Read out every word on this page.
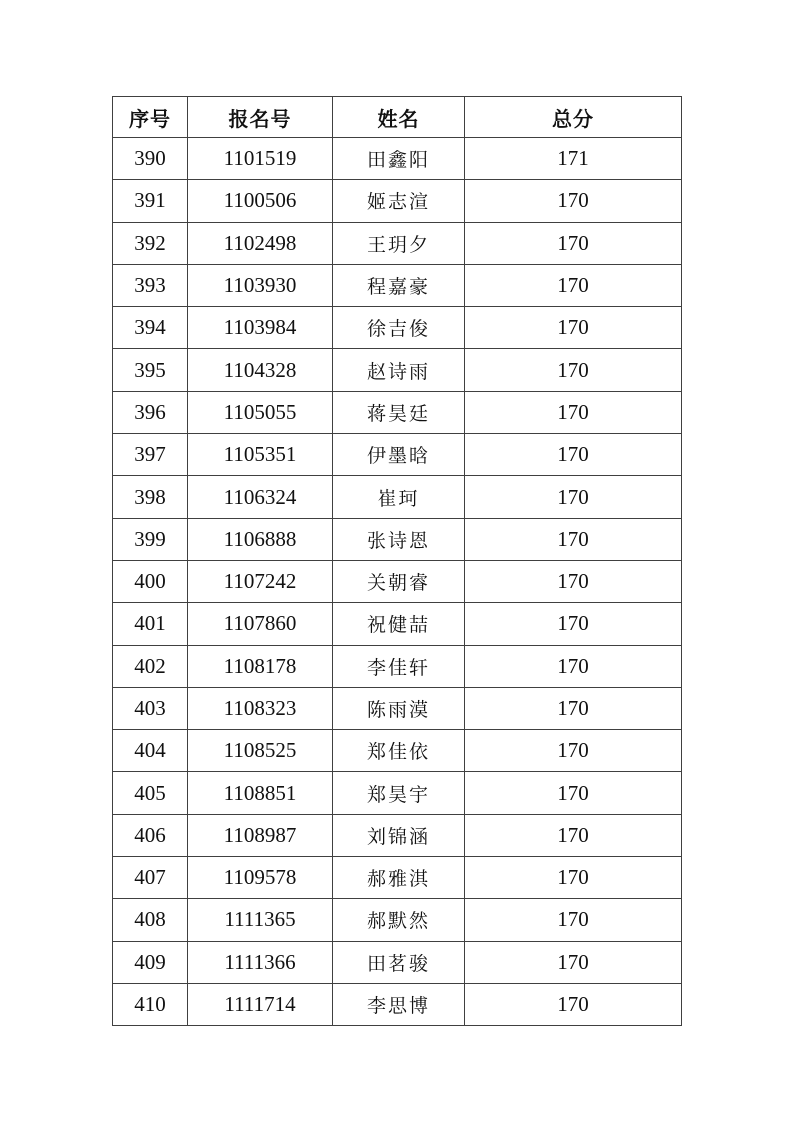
序号	报名号	姓名	总分
390	1101519	田鑫阳	171
391	1100506	姬志渲	170
392	1102498	王玥夕	170
393	1103930	程嘉豪	170
394	1103984	徐吉俊	170
395	1104328	赵诗雨	170
396	1105055	蒋昊廷	170
397	1105351	伊墨晗	170
398	1106324	崔珂	170
399	1106888	张诗恩	170
400	1107242	关朝睿	170
401	1107860	祝健喆	170
402	1108178	李佳轩	170
403	1108323	陈雨漠	170
404	1108525	郑佳依	170
405	1108851	郑昊宇	170
406	1108987	刘锦涵	170
407	1109578	郝雅淇	170
408	1111365	郝默然	170
409	1111366	田茗骏	170
410	1111714	李思博	170
